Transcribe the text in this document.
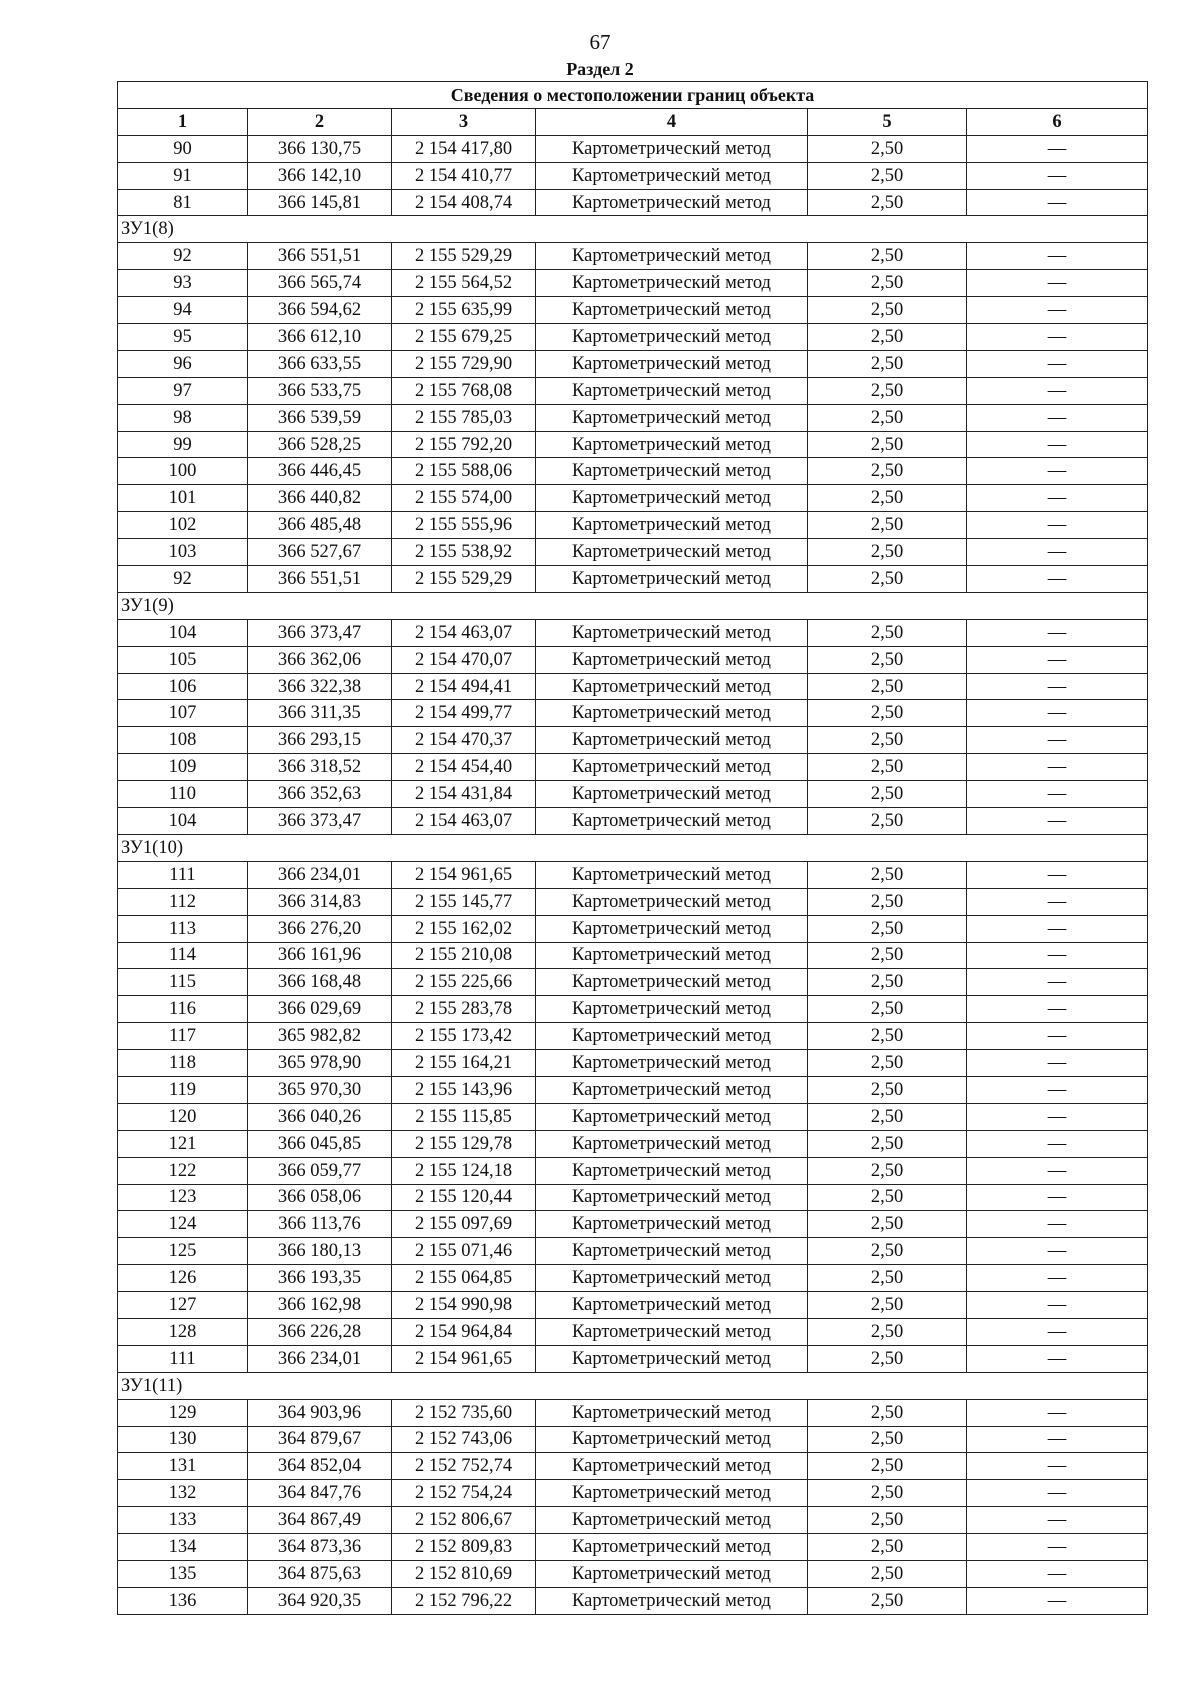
67
Раздел 2
Сведения о местоположении границ объекта					
1	2	3	4	5	6
90	366 130,75	2 154 417,80	Картометрический метод	2,50	—
91	366 142,10	2 154 410,77	Картометрический метод	2,50	—
81	366 145,81	2 154 408,74	Картометрический метод	2,50	—
ЗУ1(8)					
92	366 551,51	2 155 529,29	Картометрический метод	2,50	—
93	366 565,74	2 155 564,52	Картометрический метод	2,50	—
94	366 594,62	2 155 635,99	Картометрический метод	2,50	—
95	366 612,10	2 155 679,25	Картометрический метод	2,50	—
96	366 633,55	2 155 729,90	Картометрический метод	2,50	—
97	366 533,75	2 155 768,08	Картометрический метод	2,50	—
98	366 539,59	2 155 785,03	Картометрический метод	2,50	—
99	366 528,25	2 155 792,20	Картометрический метод	2,50	—
100	366 446,45	2 155 588,06	Картометрический метод	2,50	—
101	366 440,82	2 155 574,00	Картометрический метод	2,50	—
102	366 485,48	2 155 555,96	Картометрический метод	2,50	—
103	366 527,67	2 155 538,92	Картометрический метод	2,50	—
92	366 551,51	2 155 529,29	Картометрический метод	2,50	—
ЗУ1(9)					
104	366 373,47	2 154 463,07	Картометрический метод	2,50	—
105	366 362,06	2 154 470,07	Картометрический метод	2,50	—
106	366 322,38	2 154 494,41	Картометрический метод	2,50	—
107	366 311,35	2 154 499,77	Картометрический метод	2,50	—
108	366 293,15	2 154 470,37	Картометрический метод	2,50	—
109	366 318,52	2 154 454,40	Картометрический метод	2,50	—
110	366 352,63	2 154 431,84	Картометрический метод	2,50	—
104	366 373,47	2 154 463,07	Картометрический метод	2,50	—
ЗУ1(10)					
111	366 234,01	2 154 961,65	Картометрический метод	2,50	—
112	366 314,83	2 155 145,77	Картометрический метод	2,50	—
113	366 276,20	2 155 162,02	Картометрический метод	2,50	—
114	366 161,96	2 155 210,08	Картометрический метод	2,50	—
115	366 168,48	2 155 225,66	Картометрический метод	2,50	—
116	366 029,69	2 155 283,78	Картометрический метод	2,50	—
117	365 982,82	2 155 173,42	Картометрический метод	2,50	—
118	365 978,90	2 155 164,21	Картометрический метод	2,50	—
119	365 970,30	2 155 143,96	Картометрический метод	2,50	—
120	366 040,26	2 155 115,85	Картометрический метод	2,50	—
121	366 045,85	2 155 129,78	Картометрический метод	2,50	—
122	366 059,77	2 155 124,18	Картометрический метод	2,50	—
123	366 058,06	2 155 120,44	Картометрический метод	2,50	—
124	366 113,76	2 155 097,69	Картометрический метод	2,50	—
125	366 180,13	2 155 071,46	Картометрический метод	2,50	—
126	366 193,35	2 155 064,85	Картометрический метод	2,50	—
127	366 162,98	2 154 990,98	Картометрический метод	2,50	—
128	366 226,28	2 154 964,84	Картометрический метод	2,50	—
111	366 234,01	2 154 961,65	Картометрический метод	2,50	—
ЗУ1(11)					
129	364 903,96	2 152 735,60	Картометрический метод	2,50	—
130	364 879,67	2 152 743,06	Картометрический метод	2,50	—
131	364 852,04	2 152 752,74	Картометрический метод	2,50	—
132	364 847,76	2 152 754,24	Картометрический метод	2,50	—
133	364 867,49	2 152 806,67	Картометрический метод	2,50	—
134	364 873,36	2 152 809,83	Картометрический метод	2,50	—
135	364 875,63	2 152 810,69	Картометрический метод	2,50	—
136	364 920,35	2 152 796,22	Картометрический метод	2,50	—
